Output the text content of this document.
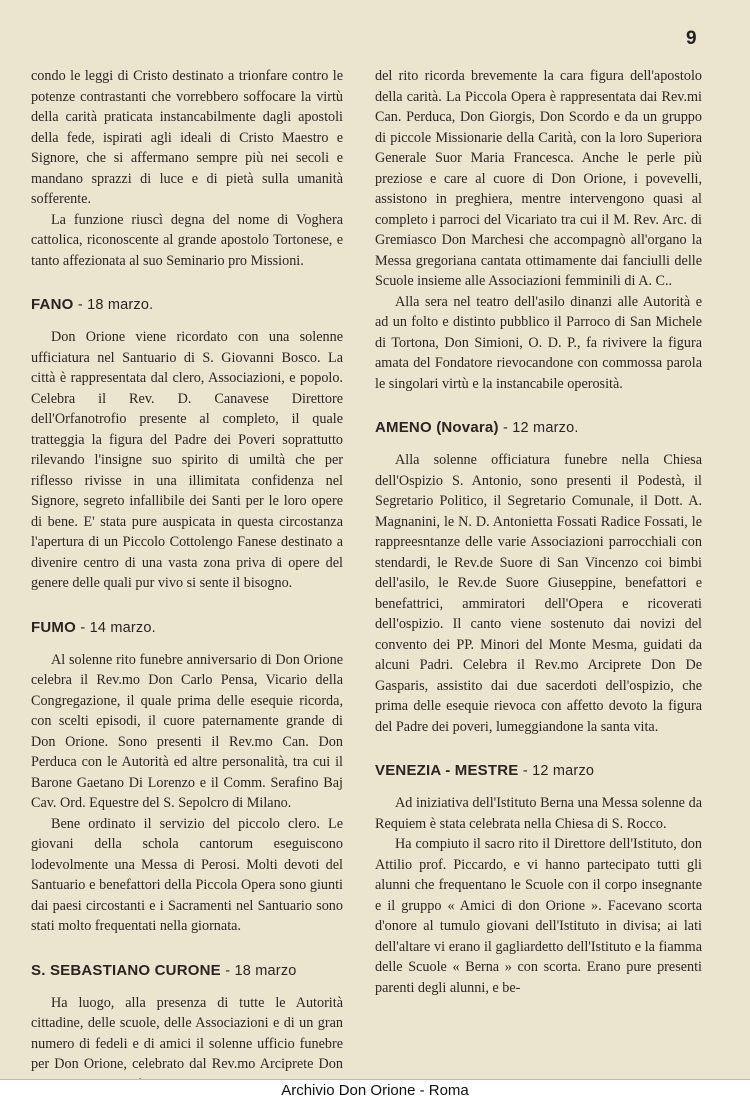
9

condo le leggi di Cristo destinato a trionfare contro le potenze contrastanti che vorrebbero soffocare la virtù della carità praticata instancabilmente dagli apostoli della fede, ispirati agli ideali di Cristo Maestro e Signore, che si affermano sempre più nei secoli e mandano sprazzi di luce e di pietà sulla umanità sofferente.

La funzione riuscì degna del nome di Voghera cattolica, riconoscente al grande apostolo Tortonese, e tanto affezionata al suo Seminario pro Missioni.

FANO - 18 marzo.

Don Orione viene ricordato con una solenne ufficiatura nel Santuario di S. Giovanni Bosco. La città è rappresentata dal clero, Associazioni, e popolo. Celebra il Rev. D. Canavese Direttore dell'Orfanotrofio presente al completo, il quale tratteggia la figura del Padre dei Poveri soprattutto rilevando l'insigne suo spirito di umiltà che per riflesso rivisse in una illimitata confidenza nel Signore, segreto infallibile dei Santi per le loro opere di bene. E' stata pure auspicata in questa circostanza l'apertura di un Piccolo Cottolengo Fanese destinato a divenire centro di una vasta zona priva di opere del genere delle quali pur vivo si sente il bisogno.

FUMO - 14 marzo.

Al solenne rito funebre anniversario di Don Orione celebra il Rev.mo Don Carlo Pensa, Vicario della Congregazione, il quale prima delle esequie ricorda, con scelti episodi, il cuore paternamente grande di Don Orione. Sono presenti il Rev.mo Can. Don Perduca con le Autorità ed altre personalità, tra cui il Barone Gaetano Di Lorenzo e il Comm. Serafino Baj Cav. Ord. Equestre del S. Sepolcro di Milano.

Bene ordinato il servizio del piccolo clero. Le giovani della schola cantorum eseguiscono lodevolmente una Messa di Perosi. Molti devoti del Santuario e benefattori della Piccola Opera sono giunti dai paesi circostanti e i Sacramenti nel Santuario sono stati molto frequentati nella giornata.

S. SEBASTIANO CURONE - 18 marzo

Ha luogo, alla presenza di tutte le Autorità cittadine, delle scuole, delle Associazioni e di un gran numero di fedeli e di amici il solenne ufficio funebre per Don Orione, celebrato dal Rev.mo Arciprete Don

del rito ricorda brevemente la cara figura dell'apostolo della carità. La Piccola Opera è rappresentata dai Rev.mi Can. Perduca, Don Giorgis, Don Scordo e da un gruppo di piccole Missionarie della Carità, con la loro Superiora Generale Suor Maria Francesca. Anche le perle più preziose e care al cuore di Don Orione, i povevelli, assistono in preghiera, mentre intervengono quasi al completo i parroci del Vicariato tra cui il M. Rev. Arc. di Gremiasco Don Marchesi che accompagnò all'organo la Messa gregoriana cantata ottimamente dai fanciulli delle Scuole insieme alle Associazioni femminili di A. C..

Alla sera nel teatro dell'asilo dinanzi alle Autorità e ad un folto e distinto pubblico il Parroco di San Michele di Tortona, Don Simioni, O. D. P., fa rivivere la figura amata del Fondatore rievocandone con commossa parola le singolari virtù e la instancabile operosità.

AMENO (Novara) - 12 marzo.

Alla solenne officiatura funebre nella Chiesa dell'Ospizio S. Antonio, sono presenti il Podestà, il Segretario Politico, il Segretario Comunale, il Dott. A. Magnanini, le N. D. Antonietta Fossati Radice Fossati, le rappreesntanze delle varie Associazioni parrocchiali con stendardi, le Rev.de Suore di San Vincenzo coi bimbi dell'asilo, le Rev.de Suore Giuseppine, benefattori e benefattrici, ammiratori dell'Opera e ricoverati dell'ospizio. Il canto viene sostenuto dai novizi del convento dei PP. Minori del Monte Mesma, guidati da alcuni Padri. Celebra il Rev.mo Arciprete Don De Gasparis, assistito dai due sacerdoti dell'ospizio, che prima delle esequie rievoca con affetto devoto la figura del Padre dei poveri, lumeggiandone la santa vita.

VENEZIA - MESTRE - 12 marzo

Ad iniziativa dell'Istituto Berna una Messa solenne da Requiem è stata celebrata nella Chiesa di S. Rocco.

Ha compiuto il sacro rito il Direttore dell'Istituto, don Attilio prof. Piccardo, e vi hanno partecipato tutti gli alunni che frequentano le Scuole con il corpo insegnante e il gruppo « Amici di don Orione ». Facevano scorta d'onore al tumulo giovani dell'Istituto in divisa; ai lati dell'altare vi erano il gagliardetto dell'Istituto e la fiamma delle Scuole « Berna » con scorta. Erano pure presenti parenti degli alunni, e be-

Archivio Don Orione - Roma
